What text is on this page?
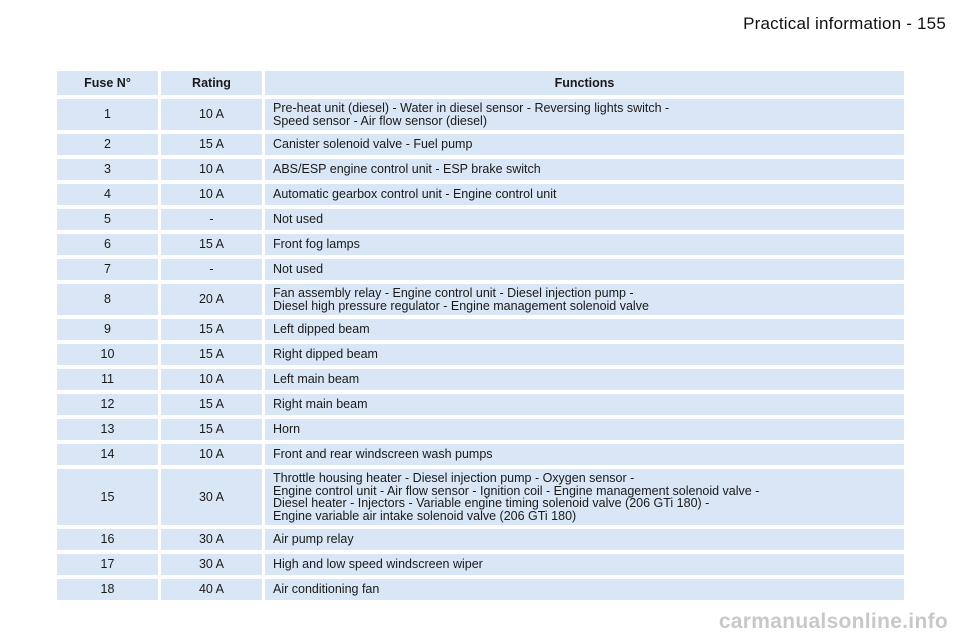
Practical information - 155
Fuse N°	Rating	Functions
1	10 A	Pre-heat unit (diesel) - Water in diesel sensor - Reversing lights switch -
Speed sensor - Air flow sensor (diesel)

2	15 A	Canister solenoid valve - Fuel pump

3	10 A	ABS/ESP engine control unit - ESP brake switch

4	10 A	Automatic gearbox control unit - Engine control unit

5	-	Not used

6	15 A	Front fog lamps

7	-	Not used

8	20 A	Fan assembly relay - Engine control unit - Diesel injection pump -
Diesel high pressure regulator - Engine management solenoid valve

9	15 A	Left dipped beam

10	15 A	Right dipped beam

11	10 A	Left main beam

12	15 A	Right main beam

13	15 A	Horn

14	10 A	Front and rear windscreen wash pumps

15	30 A	Throttle housing heater - Diesel injection pump - Oxygen sensor -
Engine control unit - Air flow sensor - Ignition coil - Engine management solenoid valve -
Diesel heater - Injectors - Variable engine timing solenoid valve (206 GTi 180) -
Engine variable air intake solenoid valve (206 GTi 180)

16	30 A	Air pump relay

17	30 A	High and low speed windscreen wiper

18	40 A	Air conditioning fan
carmanualsonline.info
